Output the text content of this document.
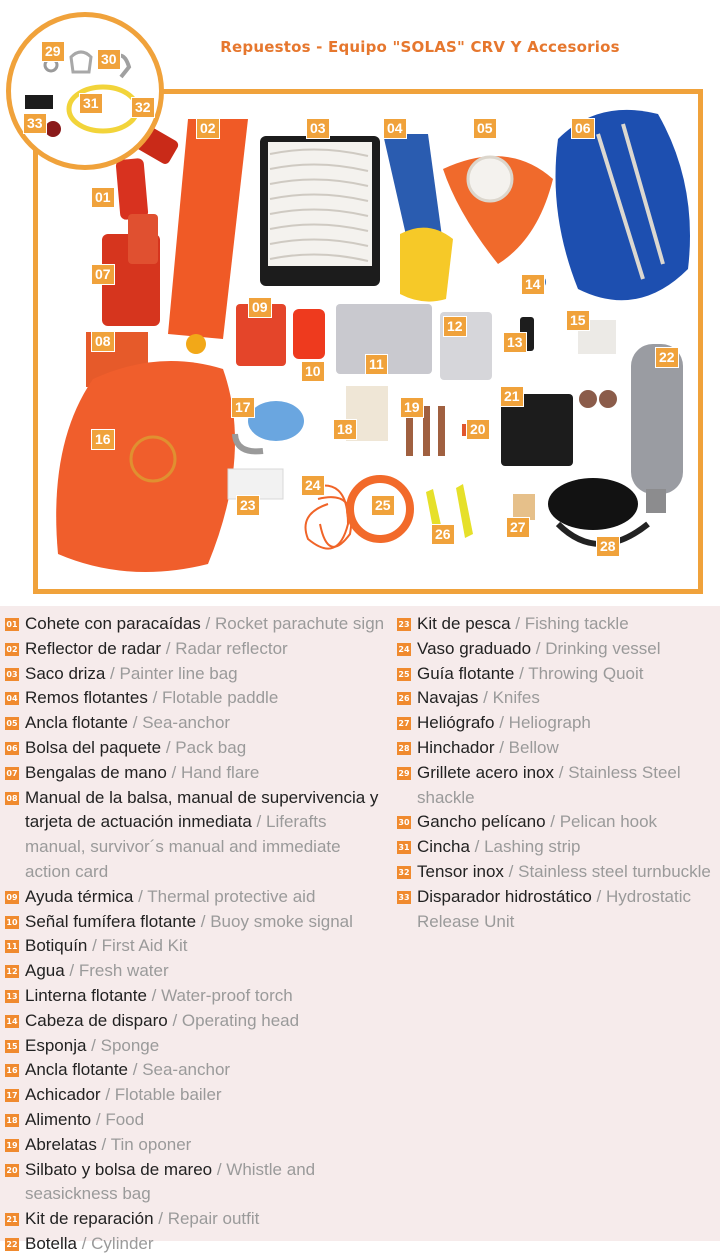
Repuestos - Equipo "SOLAS" CRV Y Accesorios
01
02	03	04	05	06
07
08
09
10	11
12
13
14
15
16
17
18
19
20
21
22
23
24
25
26	27
28
29	30
31	32
33
01 Cohete con paracaídas / Rocket parachute sign
02 Reflector de radar / Radar reflector
03 Saco driza / Painter line bag
04 Remos flotantes / Flotable paddle
05 Ancla flotante / Sea-anchor
06 Bolsa del paquete / Pack bag
07 Bengalas de mano / Hand flare
08 Manual de la balsa, manual de supervivencia y tarjeta de actuación inmediata / Liferafts manual, survivor´s manual and immediate action card
09 Ayuda térmica / Thermal protective aid
10 Señal fumífera flotante / Buoy smoke signal
11 Botiquín / First Aid Kit
12 Agua / Fresh water
13 Linterna flotante / Water-proof torch
14 Cabeza de disparo / Operating head
15 Esponja / Sponge
16 Ancla flotante / Sea-anchor
17 Achicador / Flotable bailer
18 Alimento / Food
19 Abrelatas / Tin oponer
20 Silbato y bolsa de mareo / Whistle and seasickness bag
21 Kit de reparación / Repair outfit
22 Botella / Cylinder
23 Kit de pesca / Fishing tackle
24 Vaso graduado / Drinking vessel
25 Guía flotante / Throwing Quoit
26 Navajas / Knifes
27 Heliógrafo / Heliograph
28 Hinchador / Bellow
29 Grillete acero inox / Stainless Steel shackle
30 Gancho pelícano / Pelican hook
31 Cincha / Lashing strip
32 Tensor inox / Stainless steel turnbuckle
33 Disparador hidrostático / Hydrostatic Release Unit
